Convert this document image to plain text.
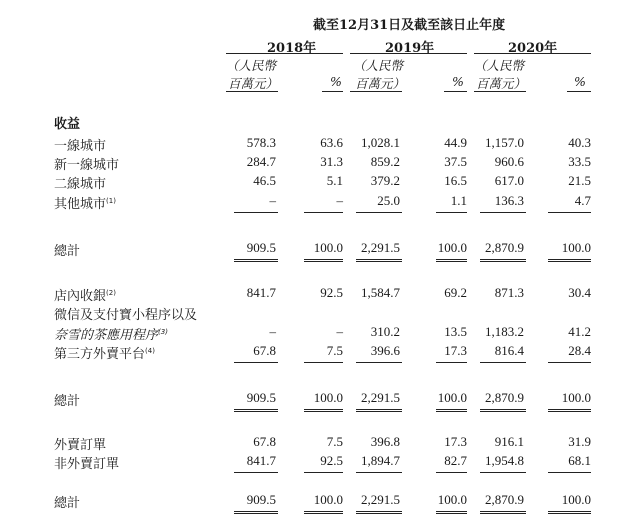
截至12月31日及截至該日止年度
2018年	2019年	2020年
（人民幣
百萬元）	%
（人民幣
百萬元）	%
（人民幣
百萬元）	%
收益
一線城市	578.3	63.6 1,028.1	44.9 1,157.0	40.3
新一線城市	284.7	31.3 859.2	37.5 960.6	33.5
二線城市	46.5	5.1 379.2	16.5 617.0	21.5
其他城市$^{(1)}$	–	–	25.0	1.1 136.3	4.7
店內收銀$^{(2)}$	841.7	92.5 1,584.7	69.2 871.3	30.4
微信及支付寶小程序以及
奈雪的茶應用程序$^{(3)}$	–	– 310.2	13.5 1,183.2	41.2
第三方外賣平台$^{(4)}$	67.8	7.5 396.6	17.3 816.4	28.4
外賣訂單	67.8	7.5 396.8	17.3 916.1	31.9
非外賣訂單	841.7	92.5 1,894.7	82.7 1,954.8	68.1
總計	909.5	100.0 2,291.5	100.0 2,870.9	100.0
總計	909.5	100.0 2,291.5	100.0 2,870.9	100.0
總計	909.5	100.0 2,291.5	100.0 2,870.9	100.0
